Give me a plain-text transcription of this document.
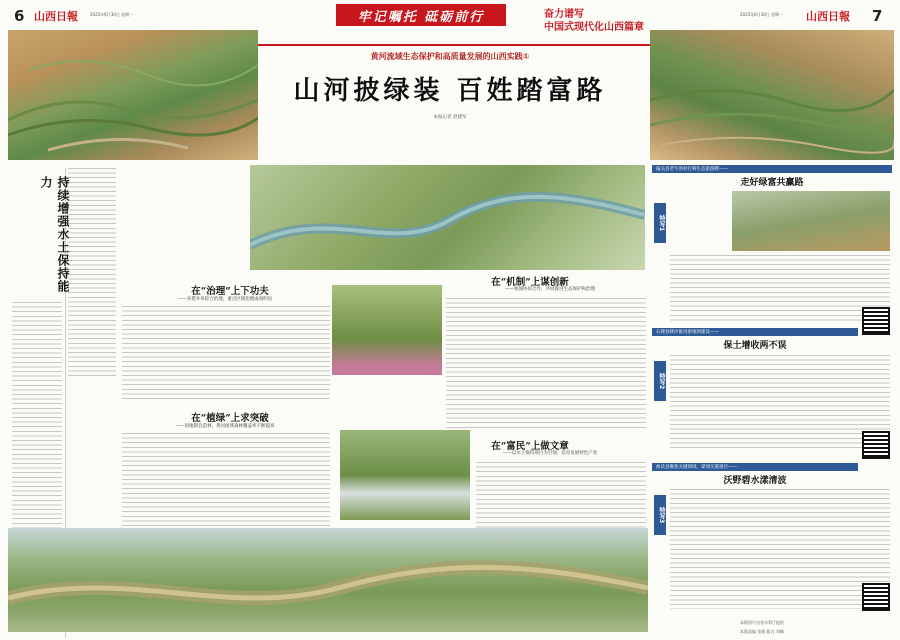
6 山西日報	2025年6月30日 星期一	牢记嘱托 砥砺前行	奋力谱写
中国式现代化山西篇章
2025年6月30日 星期一 山西日報 7
黄河流域生态保护和高质量发展的山西实践①
山河披绿装 百姓踏富路
本报记者 赵建军
持续增强水土保持能力
在“治理”上下功夫
——多措并举综合治理，重点区域治理成效明显
在“植绿”上求突破
——因地制宜造林，黄河流域森林覆盖率不断提高
在“机制”上谋创新
——加强协同合作，共同推进生态保护和治理
在“富民”上做文章
——以水土保持项目为引领，培育发展特色产业
偏关县老牛湾村打响生态旅游牌——
走好绿富共赢路
特写1
石楼县移沙推进淤地坝建设——
保土增收两不误
特写2
曲沃县聚焦关键领域、谋划实施项目——
沃野碧水漾清波
特写3
本版图片由省水利厅提供
本版责编 张敏 版式 刘峰
